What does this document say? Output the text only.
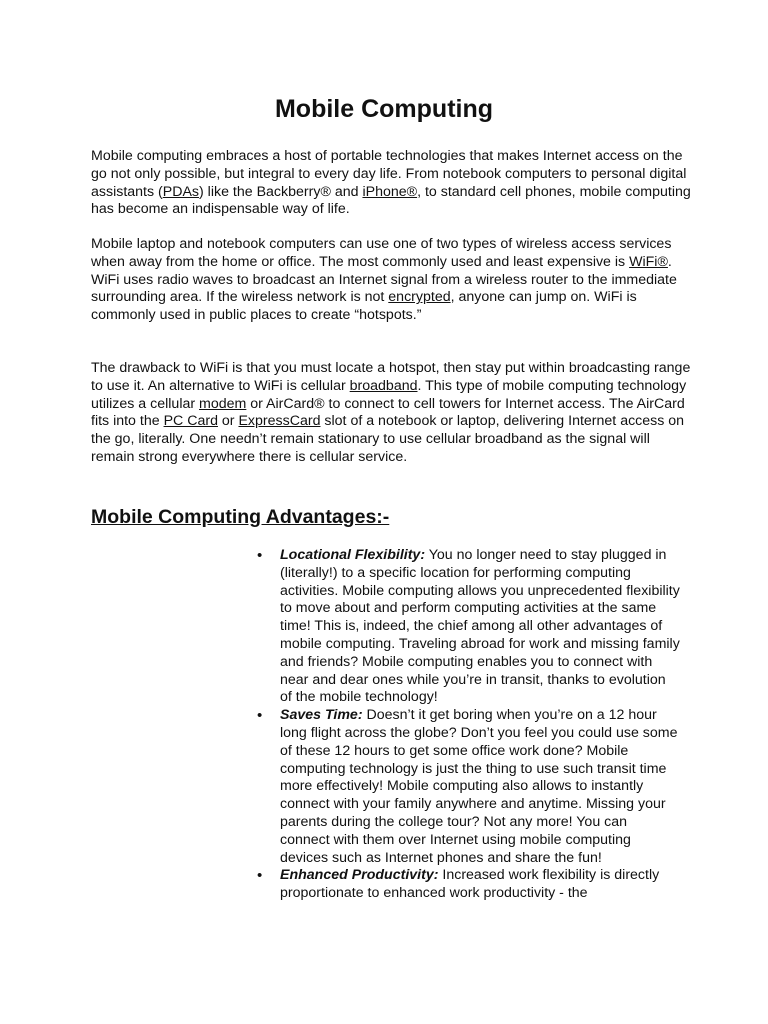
Mobile Computing

Mobile computing embraces a host of portable technologies that makes Internet access on the go not only possible, but integral to every day life. From notebook computers to personal digital assistants (PDAs) like the Backberry® and iPhone®, to standard cell phones, mobile computing has become an indispensable way of life.

Mobile laptop and notebook computers can use one of two types of wireless access services when away from the home or office. The most commonly used and least expensive is WiFi®. WiFi uses radio waves to broadcast an Internet signal from a wireless router to the immediate surrounding area. If the wireless network is not encrypted, anyone can jump on. WiFi is commonly used in public places to create “hotspots.”

The drawback to WiFi is that you must locate a hotspot, then stay put within broadcasting range to use it. An alternative to WiFi is cellular broadband. This type of mobile computing technology utilizes a cellular modem or AirCard® to connect to cell towers for Internet access. The AirCard fits into the PC Card or ExpressCard slot of a notebook or laptop, delivering Internet access on the go, literally. One needn’t remain stationary to use cellular broadband as the signal will remain strong everywhere there is cellular service.

Mobile Computing Advantages:-
• Locational Flexibility: You no longer need to stay plugged in (literally!) to a specific location for performing computing activities. Mobile computing allows you unprecedented flexibility to move about and perform computing activities at the same time! This is, indeed, the chief among all other advantages of mobile computing. Traveling abroad for work and missing family and friends? Mobile computing enables you to connect with near and dear ones while you’re in transit, thanks to evolution of the mobile technology!
• Saves Time: Doesn’t it get boring when you’re on a 12 hour long flight across the globe? Don’t you feel you could use some of these 12 hours to get some office work done? Mobile computing technology is just the thing to use such transit time more effectively! Mobile computing also allows to instantly connect with your family anywhere and anytime. Missing your parents during the college tour? Not any more! You can connect with them over Internet using mobile computing devices such as Internet phones and share the fun!
• Enhanced Productivity: Increased work flexibility is directly proportionate to enhanced work productivity - the
